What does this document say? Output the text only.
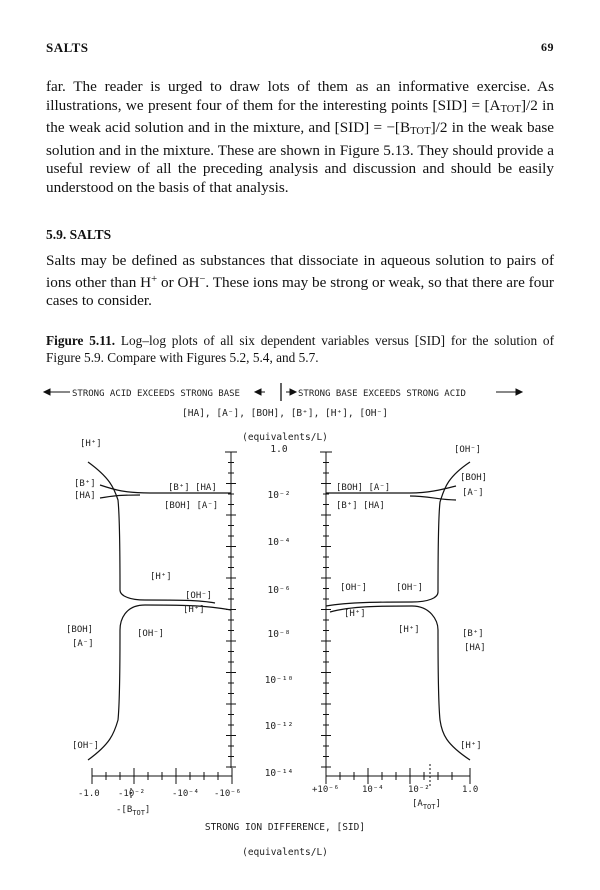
SALTS	69

far. The reader is urged to draw lots of them as an informative exercise. As illustrations, we present four of them for the interesting points $[SID] = [A_{TOT}]/2$ in the weak acid solution and in the mixture, and $[SID] = -[B_{TOT}]/2$ in the weak base solution and in the mixture. These are shown in Figure 5.13. They should provide a useful review of all the preceding analysis and discussion and should be easily understood on the basis of that analysis.

5.9. SALTS

Salts may be defined as substances that dissociate in aqueous solution to pairs of ions other than H+ or OH−. These ions may be strong or weak, so that there are four cases to consider.

Figure 5.11. Log–log plots of all six dependent variables versus [SID] for the solution of Figure 5.9. Compare with Figures 5.2, 5.4, and 5.7.

STRONG ACID EXCEEDS STRONG BASE	STRONG BASE EXCEEDS STRONG ACID
[HA], [A⁻], [BOH], [B⁺], [H⁺], [OH⁻]
(equivalents/L)
1.0
10⁻²
10⁻⁴
10⁻⁶
10⁻⁸
10⁻¹⁰
10⁻¹²
10⁻¹⁴
-1.0 -10⁻²	-10⁻⁴ -10⁻⁶	+10⁻⁶	10⁻⁴	10⁻²	1.0
$-[B_{TOT}]$
$[A_{TOT}]$
STRONG ION DIFFERENCE, [SID]
(equivalents/L)
[H⁺]
[B⁺]
[HA]
[B⁺] [HA]
[BOH] [A⁻]
[H⁺]
[OH⁻]
[H⁺]
[BOH]
[A⁻]
[OH⁻]
[OH⁻]
[OH⁻]
[BOH]
[A⁻]
[BOH] [A⁻]
[B⁺] [HA]
[OH⁻]	[OH⁻]
[H⁺]
[H⁺]	[B⁺]
[HA]
[H⁺]
